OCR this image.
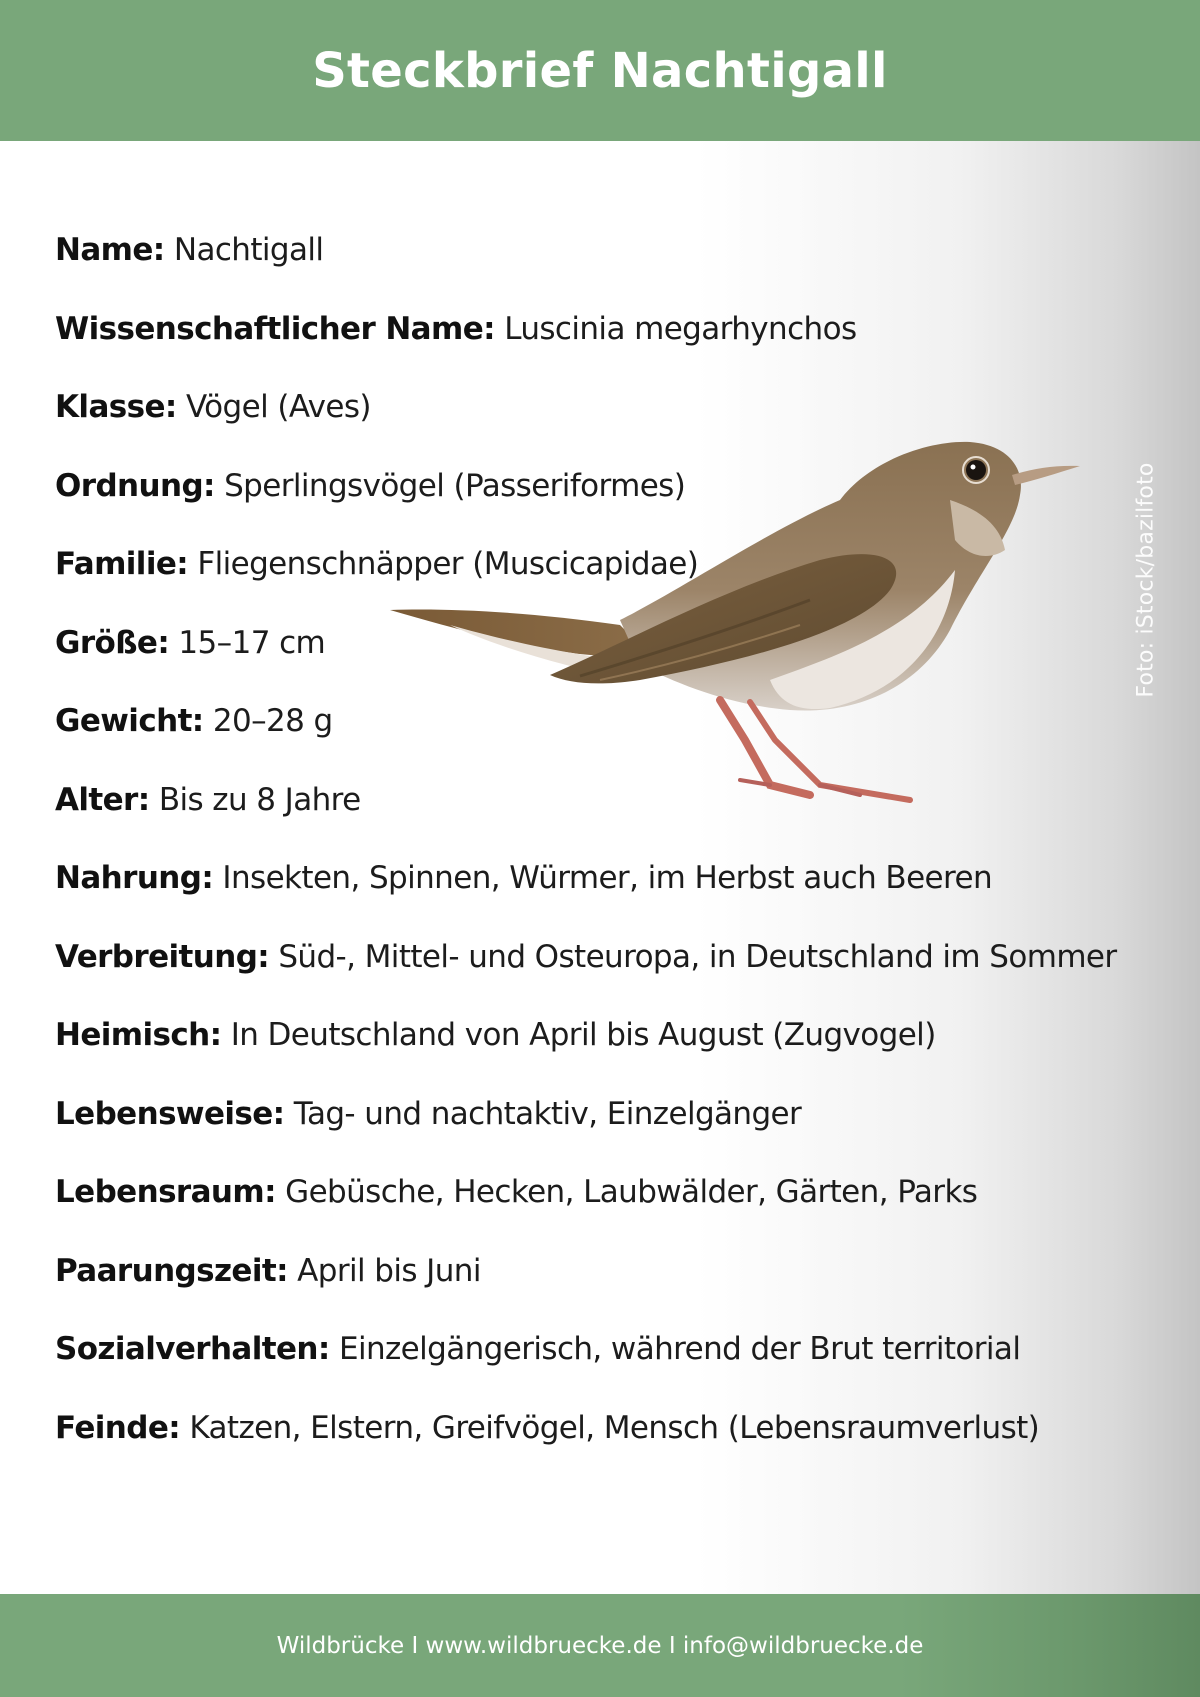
Steckbrief Nachtigall
Name: Nachtigall
Wissenschaftlicher Name: Luscinia megarhynchos
Klasse: Vögel (Aves)
Ordnung: Sperlingsvögel (Passeriformes)
Familie: Fliegenschnäpper (Muscicapidae)
Größe: 15–17 cm
Gewicht: 20–28 g
Alter: Bis zu 8 Jahre
Nahrung: Insekten, Spinnen, Würmer, im Herbst auch Beeren
Verbreitung: Süd-, Mittel- und Osteuropa, in Deutschland im Sommer
Heimisch: In Deutschland von April bis August (Zugvogel)
Lebensweise: Tag- und nachtaktiv, Einzelgänger
Lebensraum: Gebüsche, Hecken, Laubwälder, Gärten, Parks
Paarungszeit: April bis Juni
Sozialverhalten: Einzelgängerisch, während der Brut territorial
Feinde: Katzen, Elstern, Greifvögel, Mensch (Lebensraumverlust)
Foto: iStock/bazilfoto
Wildbrücke I www.wildbruecke.de I info@wildbruecke.de
